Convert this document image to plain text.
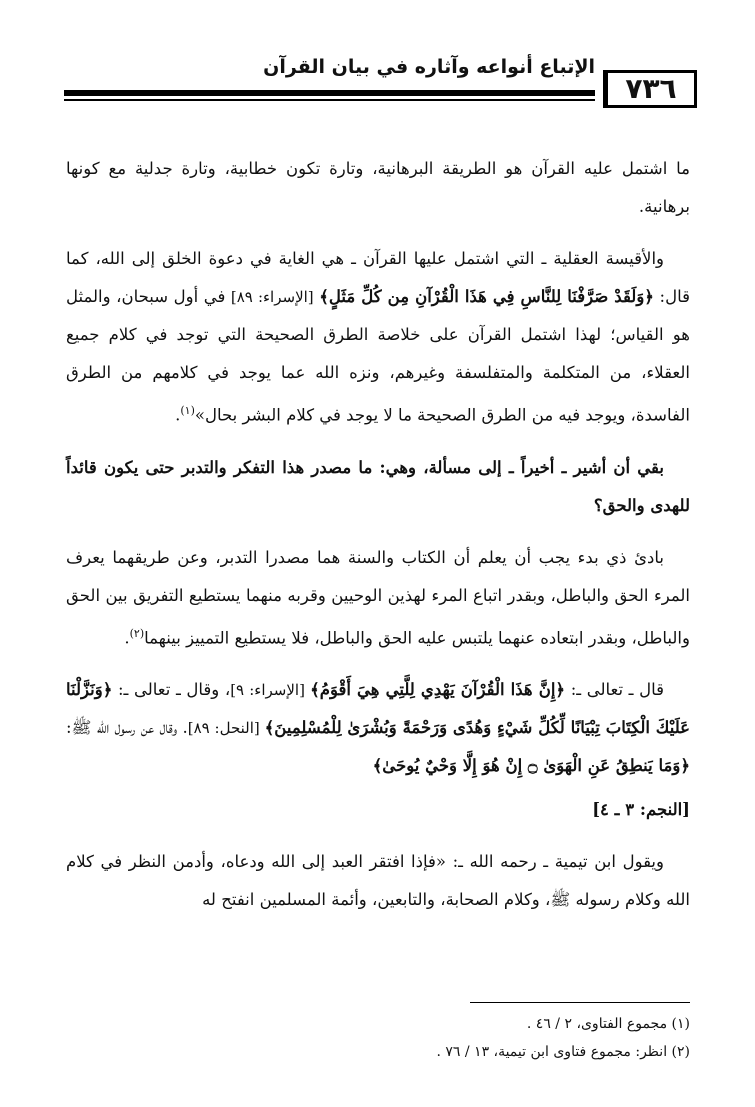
الإتباع أنواعه وآثاره في بيان القرآن
٧٣٦

ما اشتمل عليه القرآن هو الطريقة البرهانية، وتارة تكون خطابية، وتارة جدلية مع كونها برهانية.

والأقيسة العقلية ـ التي اشتمل عليها القرآن ـ هي الغاية في دعوة الخلق إلى الله، كما قال: ﴿وَلَقَدْ صَرَّفْنَا لِلنَّاسِ فِي هَذَا الْقُرْآنِ مِن كُلِّ مَثَلٍ﴾ [الإسراء: ٨٩] في أول سبحان، والمثل هو القياس؛ لهذا اشتمل القرآن على خلاصة الطرق الصحيحة التي توجد في كلام جميع العقلاء، من المتكلمة والمتفلسفة وغيرهم، ونزه الله عما يوجد في كلامهم من الطرق الفاسدة، ويوجد فيه من الطرق الصحيحة ما لا يوجد في كلام البشر بحال»$^{(١)}$.

بقي أن أشير ـ أخيراً ـ إلى مسألة، وهي: ما مصدر هذا التفكر والتدبر حتى يكون قائداً للهدى والحق؟

بادئ ذي بدء يجب أن يعلم أن الكتاب والسنة هما مصدرا التدبر، وعن طريقهما يعرف المرء الحق والباطل، وبقدر اتباع المرء لهذين الوحيين وقربه منهما يستطيع التفريق بين الحق والباطل، وبقدر ابتعاده عنهما يلتبس عليه الحق والباطل، فلا يستطيع التمييز بينهما$^{(٢)}$.

قال ـ تعالى ـ: ﴿إِنَّ هَذَا الْقُرْآنَ يَهْدِي لِلَّتِي هِيَ أَقْوَمُ﴾ [الإسراء: ٩]، وقال ـ تعالى ـ: ﴿وَنَزَّلْنَا عَلَيْكَ الْكِتَابَ تِبْيَانًا لِّكُلِّ شَيْءٍ وَهُدًى وَرَحْمَةً وَبُشْرَىٰ لِلْمُسْلِمِينَ﴾ [النحل: ٨٩]. وقال عن رسول الله ﷺ: ﴿وَمَا يَنطِقُ عَنِ الْهَوَىٰ ۝ إِنْ هُوَ إِلَّا وَحْيٌ يُوحَىٰ﴾

[النجم: ٣ ـ ٤]

ويقول ابن تيمية ـ رحمه الله ـ: «فإذا افتقر العبد إلى الله ودعاه، وأدمن النظر في كلام الله وكلام رسوله ﷺ، وكلام الصحابة، والتابعين، وأئمة المسلمين انفتح له

(١) مجموع الفتاوى، ٢ / ٤٦ .
(٢) انظر: مجموع فتاوى ابن تيمية، ١٣ / ٧٦ .
